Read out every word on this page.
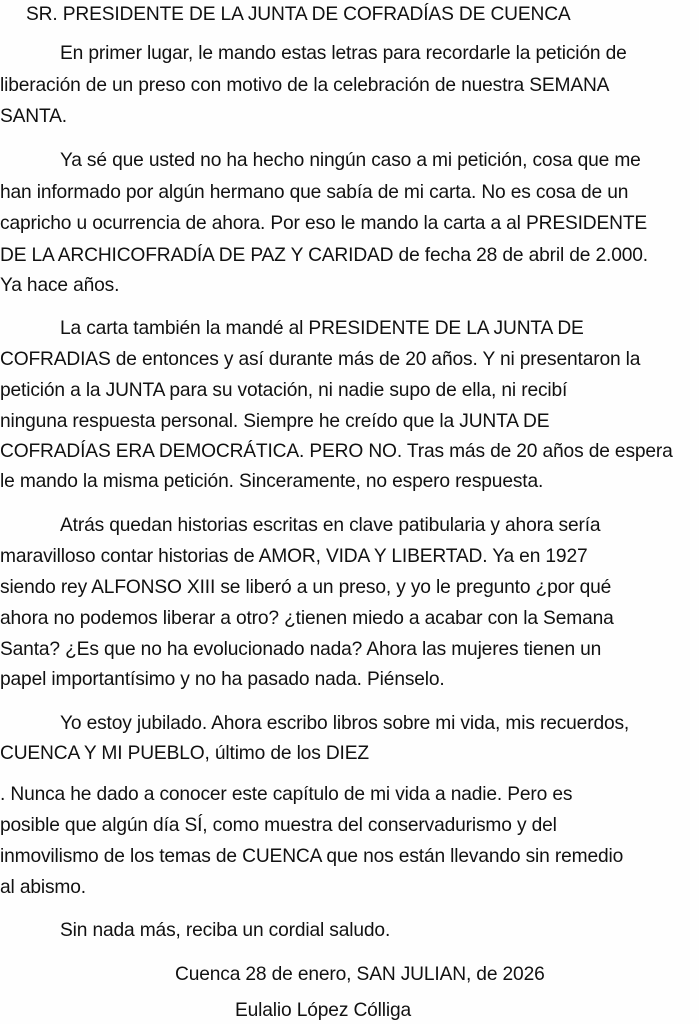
SR. PRESIDENTE DE LA JUNTA DE COFRADÍAS DE CUENCA
En primer lugar, le mando estas letras para recordarle la petición de
liberación de un preso con motivo de la celebración de nuestra SEMANA
SANTA.
Ya sé que usted no ha hecho ningún caso a mi petición, cosa que me
han informado por algún hermano que sabía de mi carta. No es cosa de un
capricho u ocurrencia de ahora. Por eso le mando la carta a al PRESIDENTE
DE LA ARCHICOFRADÍA DE PAZ Y CARIDAD de fecha 28 de abril de 2.000.
Ya hace años.
La carta también la mandé al PRESIDENTE DE LA JUNTA DE
COFRADIAS de entonces y así durante más de 20 años. Y ni presentaron la
petición a la JUNTA para su votación, ni nadie supo de ella, ni recibí
ninguna respuesta personal. Siempre he creído que la JUNTA DE
COFRADÍAS ERA DEMOCRÁTICA. PERO NO. Tras más de 20 años de espera
le mando la misma petición. Sinceramente, no espero respuesta.
Atrás quedan historias escritas en clave patibularia y ahora sería
maravilloso contar historias de AMOR, VIDA Y LIBERTAD. Ya en 1927
siendo rey ALFONSO XIII se liberó a un preso, y yo le pregunto ¿por qué
ahora no podemos liberar a otro? ¿tienen miedo a acabar con la Semana
Santa? ¿Es que no ha evolucionado nada? Ahora las mujeres tienen un
papel importantísimo y no ha pasado nada. Piénselo.
Yo estoy jubilado. Ahora escribo libros sobre mi vida, mis recuerdos,
CUENCA Y MI PUEBLO, último de los DIEZ
. Nunca he dado a conocer este capítulo de mi vida a nadie. Pero es
posible que algún día SÍ, como muestra del conservadurismo y del
inmovilismo de los temas de CUENCA que nos están llevando sin remedio
al abismo.
Sin nada más, reciba un cordial saludo.
Cuenca 28 de enero, SAN JULIAN, de 2026
Eulalio López Cólliga
